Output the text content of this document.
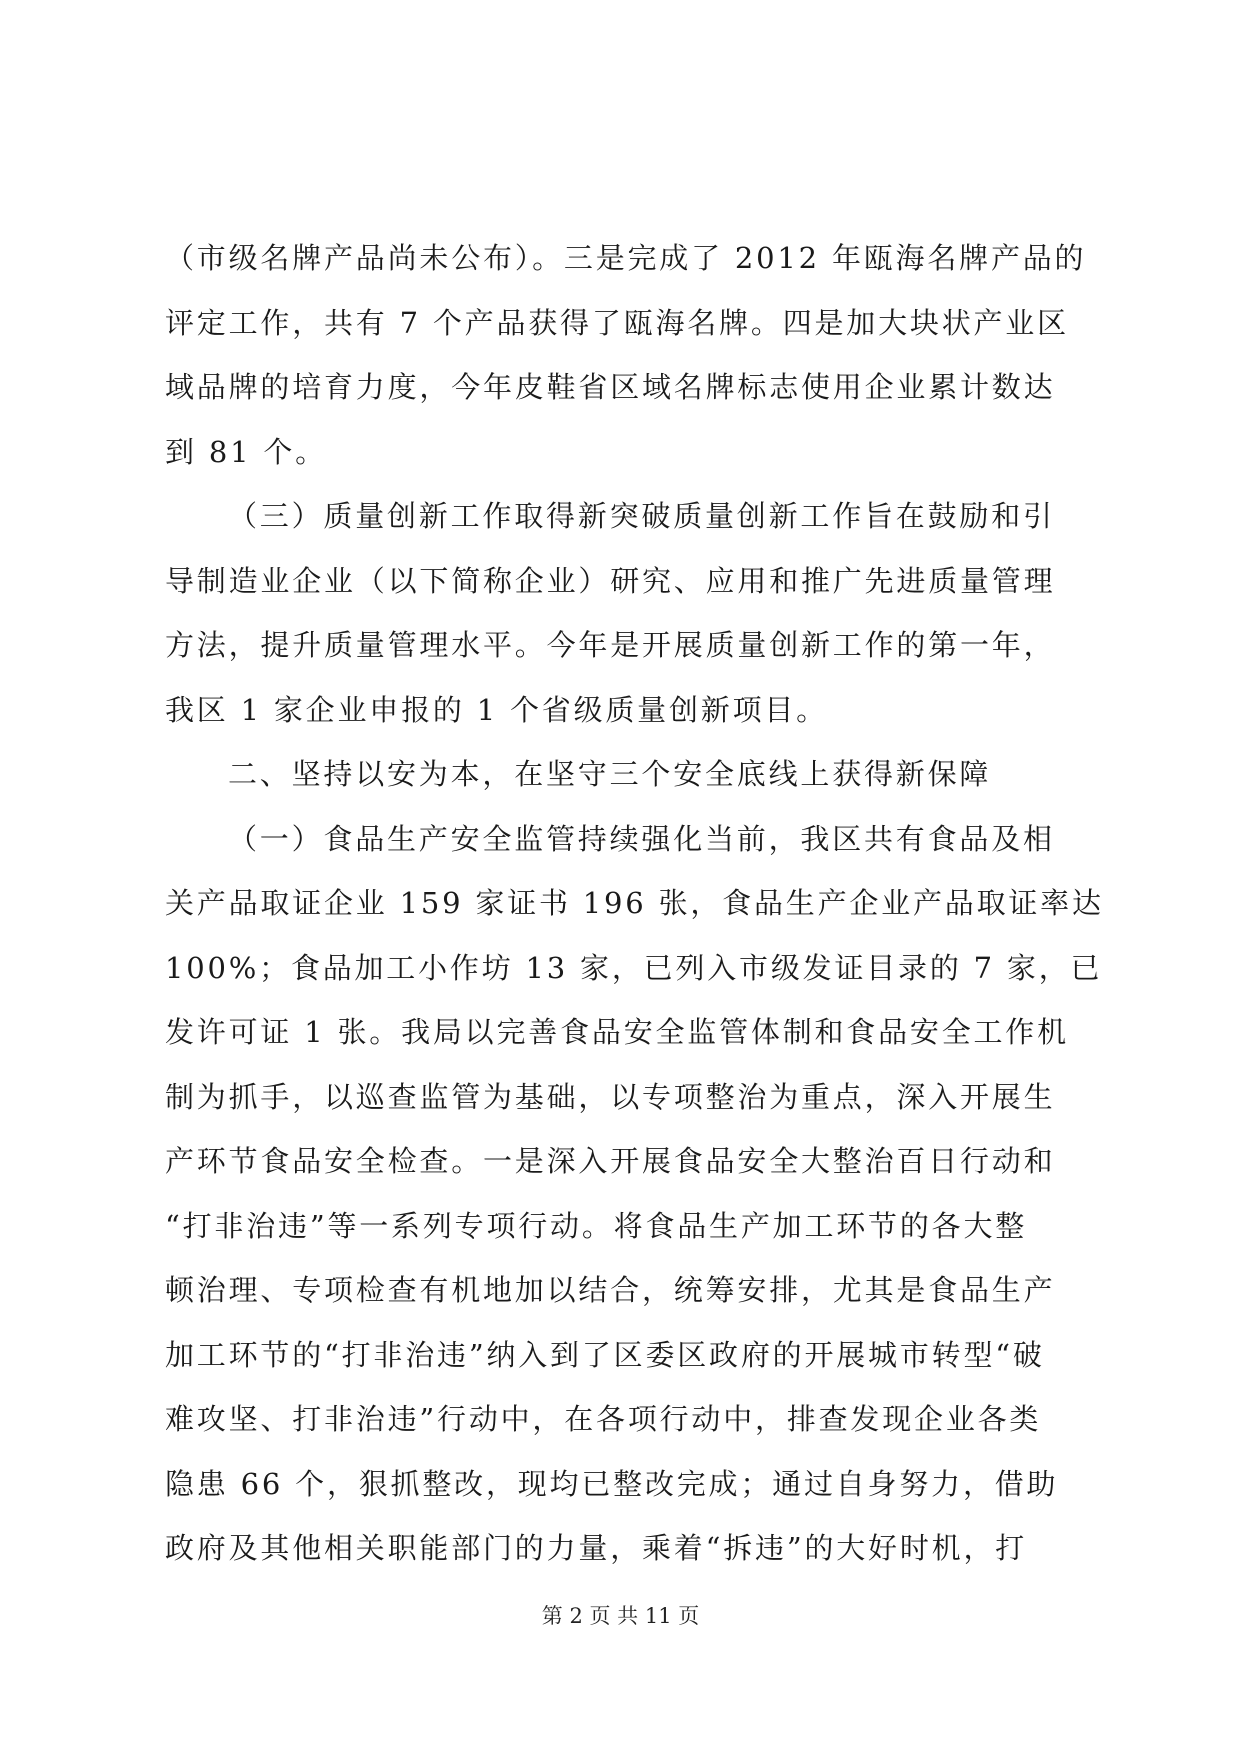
（市级名牌产品尚未公布）。三是完成了 2012 年瓯海名牌产品的
评定工作，共有 7 个产品获得了瓯海名牌。四是加大块状产业区
域品牌的培育力度，今年皮鞋省区域名牌标志使用企业累计数达
到 81 个。
（三）质量创新工作取得新突破质量创新工作旨在鼓励和引
导制造业企业（以下简称企业）研究、应用和推广先进质量管理
方法，提升质量管理水平。今年是开展质量创新工作的第一年，
我区 1 家企业申报的 1 个省级质量创新项目。
二、坚持以安为本，在坚守三个安全底线上获得新保障
（一）食品生产安全监管持续强化当前，我区共有食品及相
关产品取证企业 159 家证书 196 张，食品生产企业产品取证率达
100%；食品加工小作坊 13 家，已列入市级发证目录的 7 家，已
发许可证 1 张。我局以完善食品安全监管体制和食品安全工作机
制为抓手，以巡查监管为基础，以专项整治为重点，深入开展生
产环节食品安全检查。一是深入开展食品安全大整治百日行动和
“打非治违”等一系列专项行动。将食品生产加工环节的各大整
顿治理、专项检查有机地加以结合，统筹安排，尤其是食品生产
加工环节的“打非治违”纳入到了区委区政府的开展城市转型“破
难攻坚、打非治违”行动中，在各项行动中，排查发现企业各类
隐患 66 个，狠抓整改，现均已整改完成；通过自身努力，借助
政府及其他相关职能部门的力量，乘着“拆违”的大好时机，打
第 2 页 共 11 页
